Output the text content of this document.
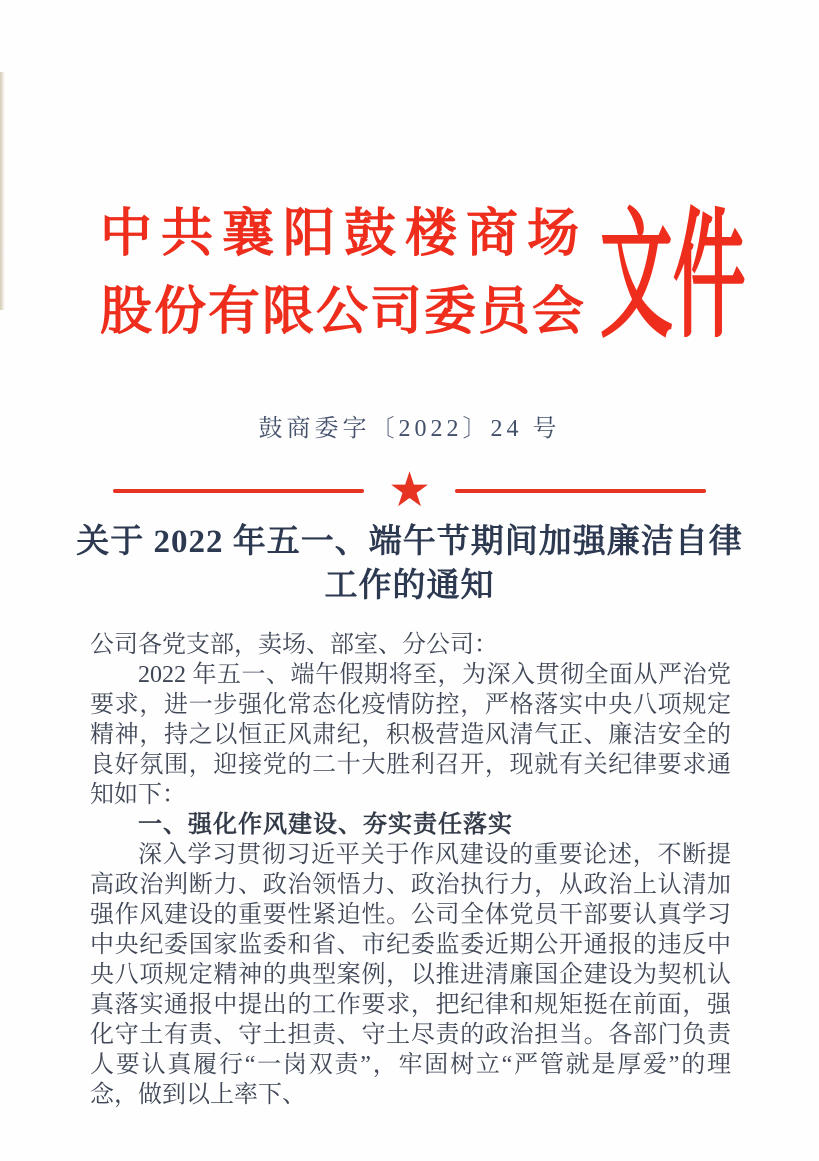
中共襄阳鼓楼商场
股份有限公司委员会 文件
鼓商委字〔2022〕24 号
★
关于 2022 年五一、端午节期间加强廉洁自律
工作的通知

公司各党支部，卖场、部室、分公司：

2022 年五一、端午假期将至，为深入贯彻全面从严治党要求，进一步强化常态化疫情防控，严格落实中央八项规定精神，持之以恒正风肃纪，积极营造风清气正、廉洁安全的良好氛围，迎接党的二十大胜利召开，现就有关纪律要求通知如下：

一、强化作风建设、夯实责任落实

深入学习贯彻习近平关于作风建设的重要论述，不断提高政治判断力、政治领悟力、政治执行力，从政治上认清加强作风建设的重要性紧迫性。公司全体党员干部要认真学习中央纪委国家监委和省、市纪委监委近期公开通报的违反中央八项规定精神的典型案例，以推进清廉国企建设为契机认真落实通报中提出的工作要求，把纪律和规矩挺在前面，强化守土有责、守土担责、守土尽责的政治担当。各部门负责人要认真履行“一岗双责”，牢固树立“严管就是厚爱”的理念，做到以上率下、
